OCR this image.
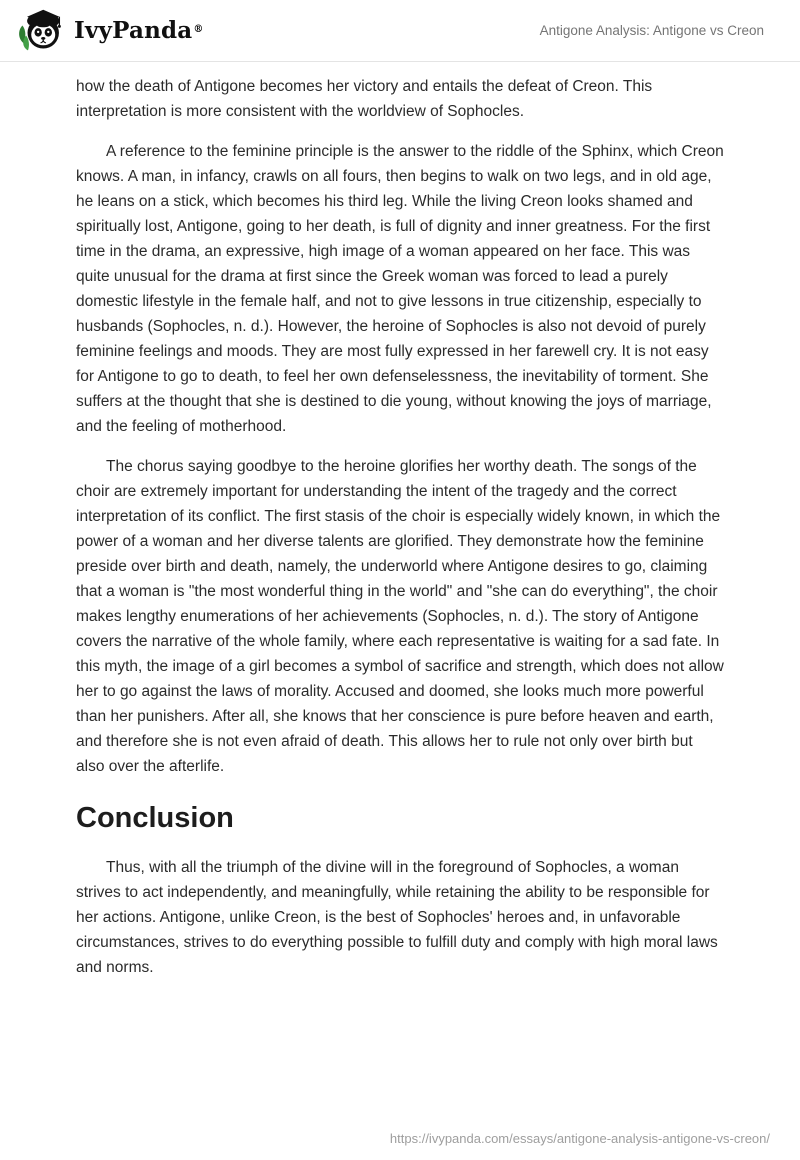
IvyPanda®	Antigone Analysis: Antigone vs Creon

how the death of Antigone becomes her victory and entails the defeat of Creon. This interpretation is more consistent with the worldview of Sophocles.

A reference to the feminine principle is the answer to the riddle of the Sphinx, which Creon knows. A man, in infancy, crawls on all fours, then begins to walk on two legs, and in old age, he leans on a stick, which becomes his third leg. While the living Creon looks shamed and spiritually lost, Antigone, going to her death, is full of dignity and inner greatness. For the first time in the drama, an expressive, high image of a woman appeared on her face. This was quite unusual for the drama at first since the Greek woman was forced to lead a purely domestic lifestyle in the female half, and not to give lessons in true citizenship, especially to husbands (Sophocles, n. d.). However, the heroine of Sophocles is also not devoid of purely feminine feelings and moods. They are most fully expressed in her farewell cry. It is not easy for Antigone to go to death, to feel her own defenselessness, the inevitability of torment. She suffers at the thought that she is destined to die young, without knowing the joys of marriage, and the feeling of motherhood.

The chorus saying goodbye to the heroine glorifies her worthy death. The songs of the choir are extremely important for understanding the intent of the tragedy and the correct interpretation of its conflict. The first stasis of the choir is especially widely known, in which the power of a woman and her diverse talents are glorified. They demonstrate how the feminine preside over birth and death, namely, the underworld where Antigone desires to go, claiming that a woman is "the most wonderful thing in the world" and "she can do everything", the choir makes lengthy enumerations of her achievements (Sophocles, n. d.). The story of Antigone covers the narrative of the whole family, where each representative is waiting for a sad fate. In this myth, the image of a girl becomes a symbol of sacrifice and strength, which does not allow her to go against the laws of morality. Accused and doomed, she looks much more powerful than her punishers. After all, she knows that her conscience is pure before heaven and earth, and therefore she is not even afraid of death. This allows her to rule not only over birth but also over the afterlife.

Conclusion

Thus, with all the triumph of the divine will in the foreground of Sophocles, a woman strives to act independently, and meaningfully, while retaining the ability to be responsible for her actions. Antigone, unlike Creon, is the best of Sophocles' heroes and, in unfavorable circumstances, strives to do everything possible to fulfill duty and comply with high moral laws and norms.

https://ivypanda.com/essays/antigone-analysis-antigone-vs-creon/
